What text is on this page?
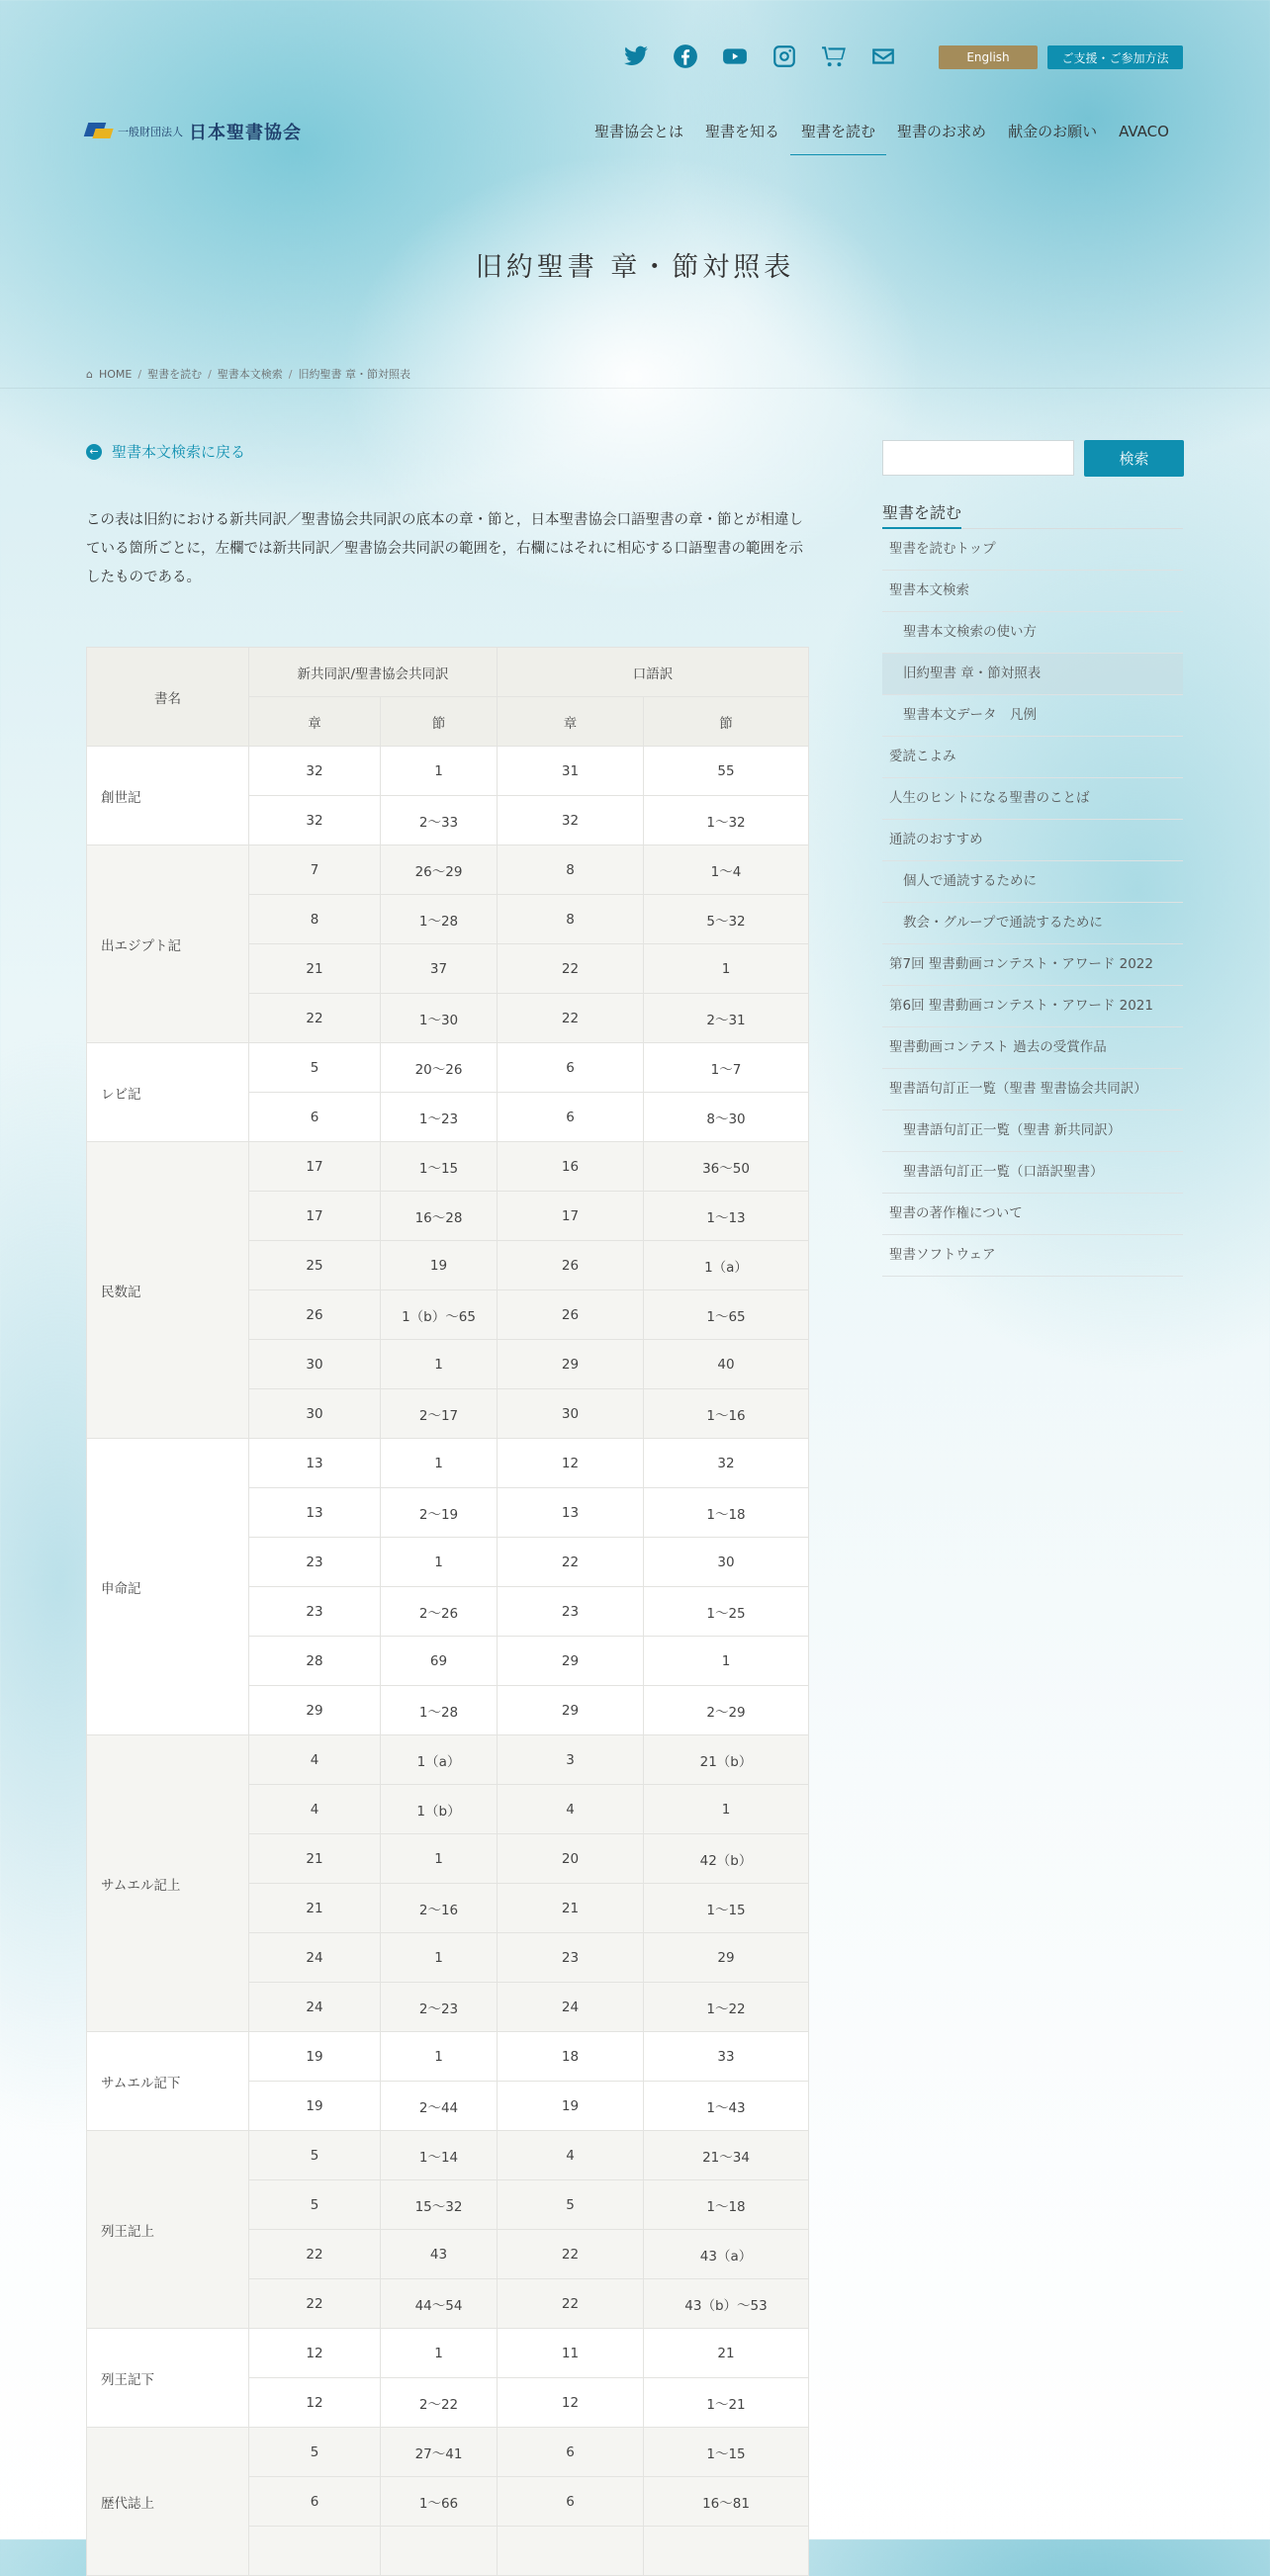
English	ご支援・ご参加方法
一般財団法人 日本聖書協会	聖書協会とは	聖書を知る	聖書を読む	聖書のお求め	献金のお願い	AVACO
旧約聖書 章・節対照表
⌂ HOME / 聖書を読む / 聖書本文検索 / 旧約聖書 章・節対照表
← 聖書本文検索に戻る

この表は旧約における新共同訳／聖書協会共同訳の底本の章・節と，日本聖書協会口語聖書の章・節とが相違している箇所ごとに，左欄では新共同訳／聖書協会共同訳の範囲を，右欄にはそれに相応する口語聖書の範囲を示したものである。

書名	新共同訳/聖書協会共同訳		口語訳	
	章	節	章	節
創世記	32	1	31	55
	32	2〜33	32	1〜32
出エジプト記	7	26〜29	8	1〜4
	8	1〜28	8	5〜32
	21	37	22	1
	22	1〜30	22	2〜31
レビ記	5	20〜26	6	1〜7
	6	1〜23	6	8〜30
民数記	17	1〜15	16	36〜50
	17	16〜28	17	1〜13
	25	19	26	1（a）
	26	1（b）〜65	26	1〜65
	30	1	29	40
	30	2〜17	30	1〜16
申命記	13	1	12	32
	13	2〜19	13	1〜18
	23	1	22	30
	23	2〜26	23	1〜25
	28	69	29	1
	29	1〜28	29	2〜29
サムエル記上	4	1（a）	3	21（b）
	4	1（b）	4	1
	21	1	20	42（b）
	21	2〜16	21	1〜15
	24	1	23	29
	24	2〜23	24	1〜22
サムエル記下	19	1	18	33
	19	2〜44	19	1〜43
列王記上	5	1〜14	4	21〜34
	5	15〜32	5	1〜18
	22	43	22	43（a）
	22	44〜54	22	43（b）〜53
列王記下	12	1	11	21
	12	2〜22	12	1〜21
歴代誌上	5	27〜41	6	1〜15
	6	1〜66	6	16〜81

検索
聖書を読む
聖書を読むトップ
聖書本文検索
聖書本文検索の使い方
旧約聖書 章・節対照表
聖書本文データ　凡例
愛読こよみ
人生のヒントになる聖書のことば
通読のおすすめ
個人で通読するために
教会・グループで通読するために
第7回 聖書動画コンテスト・アワード 2022
第6回 聖書動画コンテスト・アワード 2021
聖書動画コンテスト 過去の受賞作品
聖書語句訂正一覧（聖書 聖書協会共同訳）
聖書語句訂正一覧（聖書 新共同訳）
聖書語句訂正一覧（口語訳聖書）
聖書の著作権について
聖書ソフトウェア
